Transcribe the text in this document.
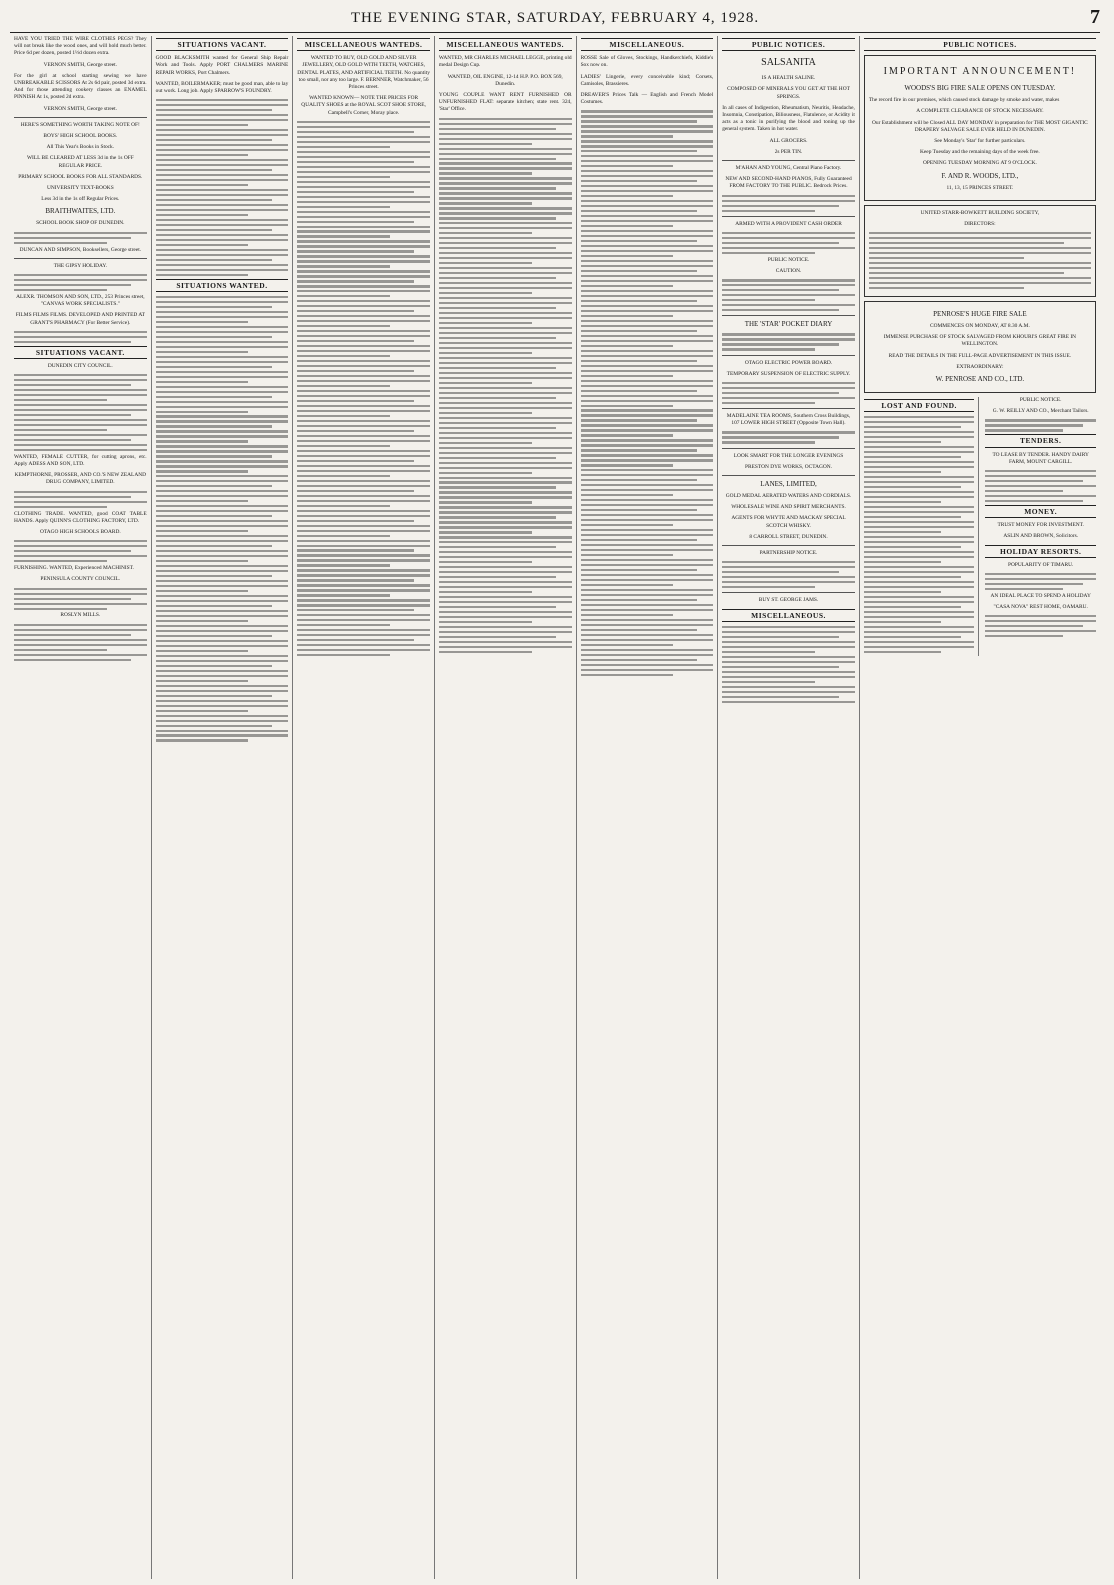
THE EVENING STAR, SATURDAY, FEBRUARY 4, 1928.	7
HAVE YOU TRIED THE WIRE CLOTHES PEGS? They will not break like the wood ones, and will hold much better. Price 6d per dozen, posted 1½d dozen extra.
VERNON SMITH, George street.
For the girl at school starting sewing we have UNBREAKABLE SCISSORS At 2s 6d pair, posted 3d extra. And for those attending cookery classes an ENAMEL PINNISH At 1s, posted 2d extra.
VERNON SMITH, George street.
HERE'S SOMETHING WORTH TAKING NOTE OF!
BOYS' HIGH SCHOOL BOOKS.
All This Year's Books in Stock.
WILL BE CLEARED AT LESS 3d in the 1s OFF REGULAR PRICE.
PRIMARY SCHOOL BOOKS FOR ALL STANDARDS.
UNIVERSITY TEXT-BOOKS
Less 3d in the 1s off Regular Prices.
BRAITHWAITES, LTD.
SCHOOL BOOK SHOP OF DUNEDIN.
DUNCAN AND SIMPSON, Booksellers, George street.
THE GIPSY HOLIDAY.
ALEXR. THOMSON AND SON, LTD., 253 Princes street, "CANVAS WORK SPECIALISTS."
FILMS FILMS FILMS. DEVELOPED AND PRINTED AT GRANT'S PHARMACY (For Better Service).
SITUATIONS VACANT.
DUNEDIN CITY COUNCIL.
WANTED, FEMALE CUTTER, for cutting aprons, etc. Apply ADESS AND SON, LTD.
KEMPTHORNE, PROSSER, AND CO.'S NEW ZEALAND DRUG COMPANY, LIMITED.
CLOTHING TRADE. WANTED, good COAT TABLE HANDS. Apply QUINN'S CLOTHING FACTORY, LTD.
OTAGO HIGH SCHOOLS BOARD.
FURNISHING. WANTED, Experienced MACHINIST.
PENINSULA COUNTY COUNCIL.
ROSLYN MILLS.
SITUATIONS VACANT.
GOOD BLACKSMITH wanted for General Ship Repair Work and Tools. Apply PORT CHALMERS MARINE REPAIR WORKS, Port Chalmers.
WANTED, BOILERMAKER; must be good man, able to lay out work. Long job. Apply SPARROW'S FOUNDRY.
SITUATIONS WANTED.
MISCELLANEOUS WANTEDS.
WANTED TO BUY, OLD GOLD AND SILVER JEWELLERY, OLD GOLD WITH TEETH, WATCHES, DENTAL PLATES, AND ARTIFICIAL TEETH. No quantity too small, nor any too large. F. BERNNER, Watchmaker, 56 Princes street.
WANTED KNOWN— NOTE THE PRICES FOR QUALITY SHOES at the ROYAL SCOT SHOE STORE, Campbell's Corner, Moray place.
MISCELLANEOUS WANTEDS.
WANTED, MR CHARLES MICHAEL LEGGE, printing old medal Design Cup.
WANTED, OIL ENGINE, 12-14 H.P. P.O. BOX 569, Dunedin.
YOUNG COUPLE WANT RENT FURNISHED OR UNFURNISHED FLAT: separate kitchen; state rent. 324, 'Star' Office.
MISCELLANEOUS.
ROSSE Sale of Gloves, Stockings, Handkerchiefs, Kiddie's Sox now on.
LADIES' Lingerie, every conceivable kind; Corsets, Camisoles, Brassieres.
DREAVER'S Prices Talk — English and French Model Costumes.
PUBLIC NOTICES.
SALSANITA
IS A HEALTH SALINE.
COMPOSED OF MINERALS YOU GET AT THE HOT SPRINGS.
In all cases of Indigestion, Rheumatism, Neuritis, Headache, Insomnia, Constipation, Biliousness, Flatulence, or Acidity it acts as a tonic in purifying the blood and toning up the general system. Taken in hot water.
ALL GROCERS.
2s PER TIN.
M'AHAN AND YOUNG, Central Piano Factory.
NEW AND SECOND-HAND PIANOS, Fully Guaranteed FROM FACTORY TO THE PUBLIC. Bedrock Prices.
ARMED WITH A PROVIDENT CASH ORDER
PUBLIC NOTICE.
CAUTION.
THE 'STAR' POCKET DIARY
OTAGO ELECTRIC POWER BOARD.
TEMPORARY SUSPENSION OF ELECTRIC SUPPLY.
MADELAINE TEA ROOMS, Southern Cross Buildings, 107 LOWER HIGH STREET (Opposite Town Hall).
LOOK SMART FOR THE LONGER EVENINGS
PRESTON DYE WORKS, OCTAGON.
LANES, LIMITED,
GOLD MEDAL AERATED WATERS AND CORDIALS.
WHOLESALE WINE AND SPIRIT MERCHANTS.
AGENTS FOR WHYTE AND MACKAY SPECIAL SCOTCH WHISKY.
8 CARROLL STREET, DUNEDIN.
PARTNERSHIP NOTICE.
BUY ST. GEORGE JAMS.
MISCELLANEOUS.
PUBLIC NOTICES.
IMPORTANT ANNOUNCEMENT!
WOODS'S BIG FIRE SALE OPENS ON TUESDAY.
The record fire in our premises, which caused stock damage by smoke and water, makes
A COMPLETE CLEARANCE OF STOCK NECESSARY.
Our Establishment will be Closed ALL DAY MONDAY in preparation for THE MOST GIGANTIC DRAPERY SALVAGE SALE EVER HELD IN DUNEDIN.
See Monday's 'Star' for further particulars.
Keep Tuesday and the remaining days of the week free.
OPENING TUESDAY MORNING AT 9 O'CLOCK.
F. AND R. WOODS, LTD.,
11, 13, 15 PRINCES STREET.
UNITED STARR-BOWKETT BUILDING SOCIETY,
DIRECTORS:
PENROSE'S HUGE FIRE SALE
COMMENCES ON MONDAY, AT 8.30 A.M.
IMMENSE PURCHASE OF STOCK SALVAGED FROM KHOURI'S GREAT FIRE IN WELLINGTON.
READ THE DETAILS IN THE FULL-PAGE ADVERTISEMENT IN THIS ISSUE.
EXTRAORDINARY:
W. PENROSE AND CO., LTD.
LOST AND FOUND.
PUBLIC NOTICE.
G. W. REILLY AND CO., Merchant Tailors.
TENDERS.
TO LEASE BY TENDER. HANDY DAIRY FARM, MOUNT CARGILL.
MONEY.
TRUST MONEY FOR INVESTMENT.
ASLIN AND BROWN, Solicitors.
HOLIDAY RESORTS.
POPULARITY OF TIMARU.
AN IDEAL PLACE TO SPEND A HOLIDAY
"CASA NOVA" REST HOME, OAMARU.
